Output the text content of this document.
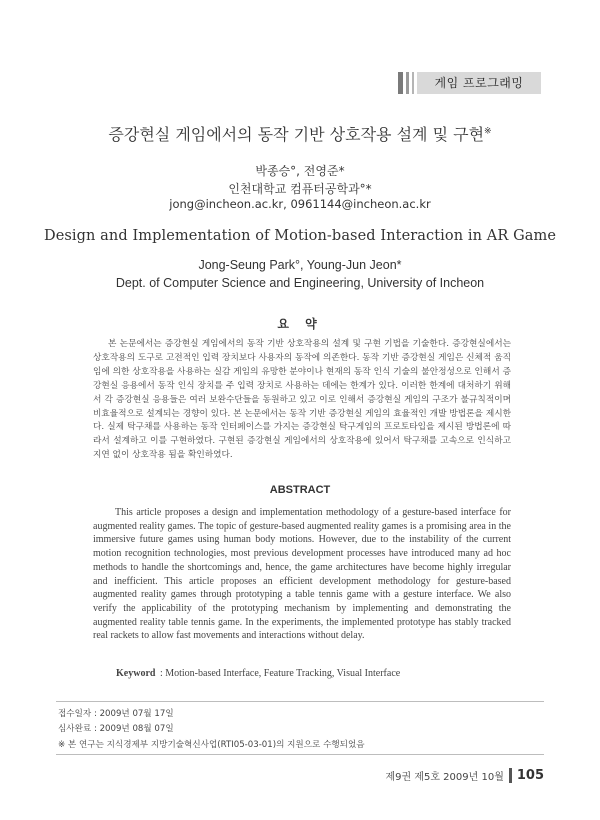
게임 프로그래밍
증강현실 게임에서의 동작 기반 상호작용 설계 및 구현※
박종승°, 전영준*
인천대학교 컴퓨터공학과°*
jong@incheon.ac.kr, 0961144@incheon.ac.kr
Design and Implementation of Motion-based Interaction in AR Game
Jong-Seung Park°, Young-Jun Jeon*
Dept. of Computer Science and Engineering, University of Incheon
요 약

본 논문에서는 증강현실 게임에서의 동작 기반 상호작용의 설계 및 구현 기법을 기술한다. 증강현실에서는 상호작용의 도구로 고전적인 입력 장치보다 사용자의 동작에 의존한다. 동작 기반 증강현실 게임은 신체적 움직임에 의한 상호작용을 사용하는 실감 게임의 유망한 분야이나 현재의 동작 인식 기술의 불안정성으로 인해서 증강현실 응용에서 동작 인식 장치를 주 입력 장치로 사용하는 데에는 한계가 있다. 이러한 한계에 대처하기 위해서 각 증강현실 응용들은 여러 보완수단들을 동원하고 있고 이로 인해서 증강현실 게임의 구조가 불규칙적이며 비효율적으로 설계되는 경향이 있다. 본 논문에서는 동작 기반 증강현실 게임의 효율적인 개발 방법론을 제시한다. 실제 탁구채를 사용하는 동작 인터페이스를 가지는 증강현실 탁구게임의 프로토타입을 제시된 방법론에 따라서 설계하고 이를 구현하였다. 구현된 증강현실 게임에서의 상호작용에 있어서 탁구채를 고속으로 인식하고 지연 없이 상호작용 됨을 확인하였다.

ABSTRACT

This article proposes a design and implementation methodology of a gesture-based interface for augmented reality games. The topic of gesture-based augmented reality games is a promising area in the immersive future games using human body motions. However, due to the instability of the current motion recognition technologies, most previous development processes have introduced many ad hoc methods to handle the shortcomings and, hence, the game architectures have become highly irregular and inefficient. This article proposes an efficient development methodology for gesture-based augmented reality games through prototyping a table tennis game with a gesture interface. We also verify the applicability of the prototyping mechanism by implementing and demonstrating the augmented reality table tennis game. In the experiments, the implemented prototype has stably tracked real rackets to allow fast movements and interactions without delay.

Keyword : Motion-based Interface, Feature Tracking, Visual Interface
접수일자 : 2009년 07월 17일
심사완료 : 2009년 08월 07일
※ 본 연구는 지식경제부 지방기술혁신사업(RTI05-03-01)의 지원으로 수행되었음
제9권 제5호 2009년 10월 105
